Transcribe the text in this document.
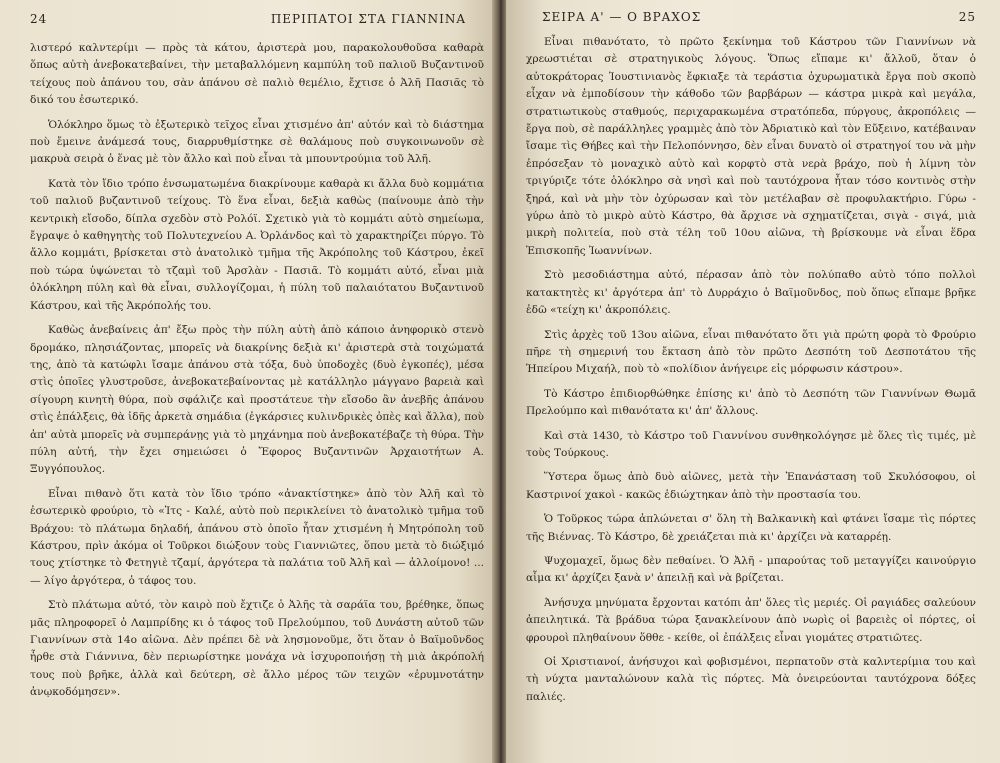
24	ΠΕΡΙΠΑΤΟΙ ΣΤΑ ΓΙΑΝΝΙΝΑ

λιστερό καλντερίμι — πρὸς τὰ κάτου, ἀριστερὰ μου, παρακολουθοῦσα καθαρὰ ὅπως αὐτὴ ἀνεβοκατεβαίνει, τὴν μεταβαλλόμενη καμπύλη τοῦ παλιοῦ Βυζαντινοῦ τείχους ποὺ ἀπάνου του, σὰν ἀπάνου σὲ παλιὸ θεμέλιο, ἔχτισε ὁ Ἀλῆ Πασιᾶς τὸ δικό του ἐσωτερικό.

Ὁλόκληρο ὅμως τὸ ἐξωτερικὸ τεῖχος εἶναι χτισμένο ἀπ' αὐτόν καὶ τὸ διάστημα ποὺ ἔμεινε ἀνάμεσά τους, διαρρυθμίστηκε σὲ θαλάμους ποὺ συγκοινωνοῦν σὲ μακρυὰ σειρὰ ὁ ἕνας μὲ τὸν ἄλλο καὶ ποὺ εἶναι τὰ μπουντρούμια τοῦ Ἀλῆ.

Κατὰ τὸν ἴδιο τρόπο ἐνσωματωμένα διακρίνουμε καθαρὰ κι ἄλλα δυὸ κομμάτια τοῦ παλιοῦ βυζαντινοῦ τείχους. Τὸ ἕνα εἶναι, δεξιὰ καθὼς (παίνουμε ἀπὸ τὴν κεντρικὴ εἴσοδο, δίπλα σχεδὸν στὸ Ρολόϊ. Σχετικὸ γιὰ τὸ κομμάτι αὐτὸ σημείωμα, ἔγραψε ὁ καθηγητὴς τοῦ Πολυτεχνείου Α. Ὀρλάνδος καὶ τὸ χαρακτηρίζει πύργο. Τὸ ἄλλο κομμάτι, βρίσκεται στὸ ἀνατολικὸ τμῆμα τῆς Ἀκρόπολης τοῦ Κάστρου, ἐκεῖ ποὺ τώρα ὑψώνεται τὸ τζαμὶ τοῦ Ἀρσλὰν - Πασιᾶ. Τὸ κομμάτι αὐτό, εἶναι μιὰ ὁλόκληρη πύλη καὶ θὰ εἶναι, συλλογίζομαι, ἡ πύλη τοῦ παλαιότατου Βυζαντινοῦ Κάστρου, καὶ τῆς Ἀκρόπολής του.

Καθὼς ἀνεβαίνεις ἀπ' ἔξω πρὸς τὴν πύλη αὐτὴ ἀπὸ κάποιο ἀνηφορικὸ στενὸ δρομάκο, πλησιάζοντας, μπορεῖς νὰ διακρίνης δεξιὰ κι' ἀριστερὰ στὰ τοιχώματά της, ἀπὸ τὰ κατώφλι ἴσαμε ἀπάνου στὰ τόξα, δυὸ ὑποδοχὲς (δυὸ ἐγκοπές), μέσα στὶς ὁποῖες γλυστροῦσε, ἀνεβοκατεβαίνοντας μὲ κατάλληλο μάγγανο βαρειὰ καὶ σίγουρη κινητὴ θύρα, ποὺ σφάλιζε καὶ προστάτευε τὴν εἴσοδο ἂν ἀνεβῆς ἀπάνου στὶς ἐπάλξεις, θὰ ἰδῆς ἀρκετὰ σημάδια (ἐγκάρσιες κυλινδρικὲς ὀπὲς καὶ ἄλλα), ποὺ ἀπ' αὐτὰ μπορεῖς νὰ συμπεράνῃς γιὰ τὸ μηχάνημα ποὺ ἀνεβοκατέβαζε τὴ θύρα. Τὴν πύλη αὐτή, τὴν ἔχει σημειώσει ὁ Ἔφορος Βυζαντινῶν Ἀρχαιοτήτων Α. Ξυγγόπουλος.

Εἶναι πιθανὸ ὅτι κατὰ τὸν ἴδιο τρόπο «ἀνακτίστηκε» ἀπὸ τὸν Ἀλῆ καὶ τὸ ἐσωτερικὸ φρούριο, τὸ «Ἰτς - Καλέ, αὐτὸ ποὺ περικλείνει τὸ ἀνατολικὸ τμῆμα τοῦ Βράχου: τὸ πλάτωμα δηλαδή, ἀπάνου στὸ ὁποῖο ἦταν χτισμένη ἡ Μητρόπολη τοῦ Κάστρου, πρὶν ἀκόμα οἱ Τοῦρκοι διώξουν τοὺς Γιαννιῶτες, ὅπου μετὰ τὸ διώξιμό τους χτίστηκε τὸ Φετηγιὲ τζαμί, ἀργότερα τὰ παλάτια τοῦ Ἀλῆ καὶ — ἀλλοίμονο! ... — λίγο ἀργότερα, ὁ τάφος του.

Στὸ πλάτωμα αὐτό, τὸν καιρὸ ποὺ ἔχτιζε ὁ Ἀλῆς τὰ σαράϊα του, βρέθηκε, ὅπως μᾶς πληροφορεῖ ὁ Λαμπρίδης κι ὁ τάφος τοῦ Πρελούμπου, τοῦ Δυνάστη αὐτοῦ τῶν Γιαννίνων στὰ 14ο αἰῶνα. Δὲν πρέπει δὲ νὰ λησμονοῦμε, ὅτι ὅταν ὁ Βαϊμοῦνδος ἦρθε στὰ Γιάννινα, δὲν περιωρίστηκε μονάχα νὰ ἰσχυροποιήσῃ τὴ μιὰ ἀκρόπολή τους ποὺ βρῆκε, ἀλλὰ καὶ δεύτερη, σὲ ἄλλο μέρος τῶν τειχῶν «ἐρυμνοτάτην ἀνῳκοδόμησεν».

ΣΕΙΡΑ Α' — Ο ΒΡΑΧΟΣ	25

Εἶναι πιθανότατο, τὸ πρῶτο ξεκίνημα τοῦ Κάστρου τῶν Γιαννίνων νὰ χρεωστιέται σὲ στρατηγικοὺς λόγους. Ὅπως εἴπαμε κι' ἄλλοῦ, ὅταν ὁ αὐτοκράτορας Ἰουστινιανὸς ἔφκιαξε τὰ τεράστια ὀχυρωματικὰ ἔργα ποὺ σκοπὸ εἶχαν νὰ ἐμποδίσουν τὴν κάθοδο τῶν βαρβάρων — κάστρα μικρὰ καὶ μεγάλα, στρατιωτικοὺς σταθμούς, περιχαρακωμένα στρατόπεδα, πύργους, ἀκροπόλεις — ἔργα ποὺ, σὲ παράλληλες γραμμὲς ἀπὸ τὸν Ἀδριατικὸ καὶ τὸν Εὔξεινο, κατέβαιναν ἴσαμε τὶς Θήβες καὶ τὴν Πελοπόννησο, δὲν εἶναι δυνατὸ οἱ στρατηγοί του νὰ μὴν ἐπρόσεξαν τὸ μοναχικὸ αὐτὸ καὶ κορφτὸ στὰ νερὰ βράχο, ποὺ ἡ λίμνη τὸν τριγύριζε τότε ὁλόκληρο σὰ νησὶ καὶ ποὺ ταυτόχρονα ἦταν τόσο κοντινὸς στὴν ξηρά, καὶ νὰ μὴν τὸν ὀχύρωσαν καὶ τὸν μετέλαβαν σὲ προφυλακτήριο. Γύρω - γύρω ἀπὸ τὸ μικρὸ αὐτὸ Κάστρο, θὰ ἄρχισε νὰ σχηματίζεται, σιγὰ - σιγά, μιὰ μικρὴ πολιτεία, ποὺ στὰ τέλη τοῦ 10ου αἰῶνα, τὴ βρίσκουμε νὰ εἶναι ἕδρα Ἐπισκοπῆς Ἰωαννίνων.

Στὸ μεσοδιάστημα αὐτό, πέρασαν ἀπὸ τὸν πολύπαθο αὐτὸ τόπο πολλοὶ κατακτητὲς κι' ἀργότερα ἀπ' τὸ Δυρράχιο ὁ Βαϊμοῦνδος, ποὺ ὅπως εἴπαμε βρῆκε ἐδῶ «τείχη κι' ἀκροπόλεις.

Στὶς ἀρχὲς τοῦ 13ου αἰῶνα, εἶναι πιθανότατο ὅτι γιὰ πρώτη φορὰ τὸ Φρούριο πῆρε τὴ σημερινή του ἔκταση ἀπὸ τὸν πρῶτο Δεσπότη τοῦ Δεσποτάτου τῆς Ἠπείρου Μιχαήλ, ποὺ τὸ «πολίδιον ἀνήγειρε εἰς μόρφωσιν κάστρου».

Τὸ Κάστρο ἐπιδιορθώθηκε ἐπίσης κι' ἀπὸ τὸ Δεσπότη τῶν Γιαννίνων Θωμᾶ Πρελούμπο καὶ πιθανότατα κι' ἀπ' ἄλλους.

Καὶ στὰ 1430, τὸ Κάστρο τοῦ Γιαννίνου συνθηκολόγησε μὲ ὅλες τὶς τιμές, μὲ τοὺς Τούρκους.

Ὕστερα ὅμως ἀπὸ δυὸ αἰῶνες, μετὰ τὴν Ἐπανάσταση τοῦ Σκυλόσοφου, οἱ Καστρινοί χακοὶ - κακῶς ἐδιώχτηκαν ἀπὸ τὴν προστασία του.

Ὁ Τοῦρκος τώρα ἁπλώνεται σ' ὅλη τὴ Βαλκανικὴ καὶ φτάνει ἴσαμε τὶς πόρτες τῆς Βιέννας. Τὸ Κάστρο, δὲ χρειάζεται πιὰ κι' ἀρχίζει νὰ καταρρέῃ.

Ψυχομαχεῖ, ὅμως δὲν πεθαίνει. Ὁ Ἀλῆ - μπαρούτας τοῦ μεταγγίζει καινούργιο αἷμα κι' ἀρχίζει ξανὰ ν' ἀπειλῇ καὶ νὰ βρίζεται.

Ἀνήσυχα μηνύματα ἔρχονται κατόπι ἀπ' ὅλες τὶς μεριές. Οἱ ραγιάδες σαλεύουν ἀπειλητικά. Τὰ βράδυα τώρα ξανακλείνουν ἀπὸ νωρὶς οἱ βαρειὲς οἱ πόρτες, οἱ φρουροὶ πληθαίνουν ὅθθε - κείθε, οἱ ἐπάλξεις εἶναι γιομάτες στρατιῶτες.

Οἱ Χριστιανοί, ἀνήσυχοι καὶ φοβισμένοι, περπατοῦν στὰ καλντερίμια του καὶ τὴ νύχτα μανταλώνουν καλὰ τὶς πόρτες. Μὰ ὀνειρεύονται ταυτόχρονα δόξες παλιές.
